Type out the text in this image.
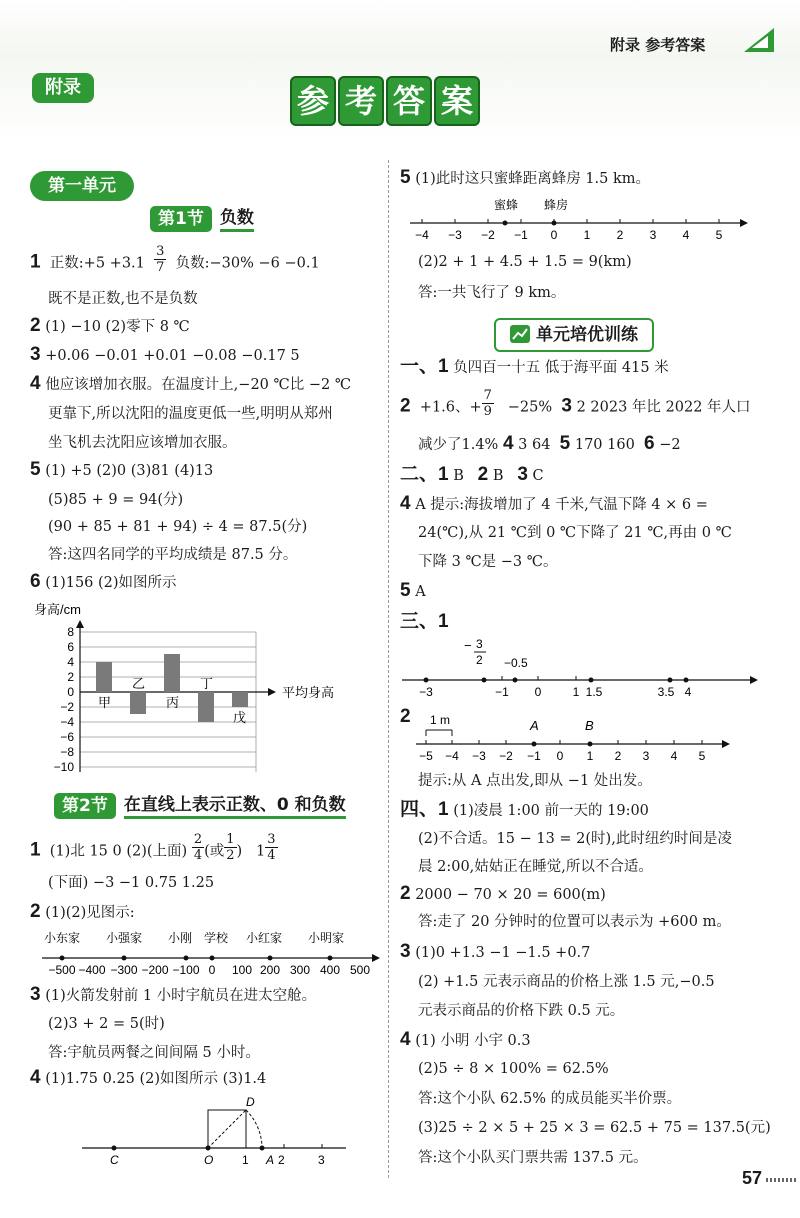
附录 参考答案
附录	参 考 答 案
第一单元
第1节 负数
1 正数:+5 $+3.1 \frac{3}{7}$ 负数:−30% −6 −0.1
既不是正数,也不是负数
2 (1) −10 (2)零下 8 ℃
3 +0.06 −0.01 +0.01 −0.08 −0.17 5
4 他应该增加衣服。在温度计上,−20 ℃比 −2 ℃
更靠下,所以沈阳的温度更低一些,明明从郑州
坐飞机去沈阳应该增加衣服。
5 (1) +5 (2)0 (3)81 (4)13
(5)85 + 9 = 94(分)
(90 + 85 + 81 + 94) ÷ 4 = 87.5(分)
答:这四名同学的平均成绩是 87.5 分。
6 (1)156 (2)如图所示
身高/cm
8
6
4
2
0
−2
−4
−6
−8
−10
甲
乙
丙
丁
戊
平均身高
第2节 在直线上表示正数、0 和负数
1 (1)北 15 0 (2)(上面) $\frac{2}{4}$ (或 $\frac{1}{2}$ ) $1 \frac{3}{4}$
(下面) −3 −1 0.75 1.25
2 (1)(2)见图示:
小东家 小强家 小刚 学校 小红家 小明家
−500 −400 −300 −200 −100 0 100 200 300 400 500
3 (1)火箭发射前 1 小时宇航员在进太空舱。
(2)3 + 2 = 5(时)
答:宇航员两餐之间间隔 5 小时。
4 (1)1.75 0.25 (2)如图所示 (3)1.4
C	O
D
1 A 2	3
5 (1)此时这只蜜蜂距离蜂房 1.5 km。
蜜蜂 蜂房
−4 −3 −2 −1 0 1 2 3 4 5
(2)2 + 1 + 4.5 + 1.5 = 9(km)
答:一共飞行了 9 km。
单元培优训练
一、1 负四百一十五 低于海平面 415 米
2 +1.6、+ $\frac{7}{9} -25\%$ 3 2 2023 年比 2022 年人口
减少了1.4% 4 3 64 5 170 160 6 −2
二、1 B 2 B 3 C
4 A 提示:海拔增加了 4 千米,气温下降 4 × 6 =
24(℃),从 21 ℃到 0 ℃下降了 21 ℃,再由 0 ℃
下降 3 ℃是 −3 ℃。
5 A
三、1
− 3
2 −0.5
−3	−1 0	1 1.5	3.5 4
2 1 m	A	B
−5 −4 −3 −2 −1 0 1 2 3 4 5
提示:从 A 点出发,即从 −1 处出发。
四、1 (1)凌晨 1:00 前一天的 19:00
(2)不合适。15 − 13 = 2(时),此时纽约时间是凌
晨 2:00,姑姑正在睡觉,所以不合适。
2 2000 − 70 × 20 = 600(m)
答:走了 20 分钟时的位置可以表示为 +600 m。
3 (1)0 +1.3 −1 −1.5 +0.7
(2) +1.5 元表示商品的价格上涨 1.5 元,−0.5
元表示商品的价格下跌 0.5 元。
4 (1) 小明 小宇 0.3
(2)5 ÷ 8 × 100% = 62.5%
答:这个小队 62.5% 的成员能买半价票。
(3)25 ÷ 2 × 5 + 25 × 3 = 62.5 + 75 = 137.5(元)
答:这个小队买门票共需 137.5 元。
57
